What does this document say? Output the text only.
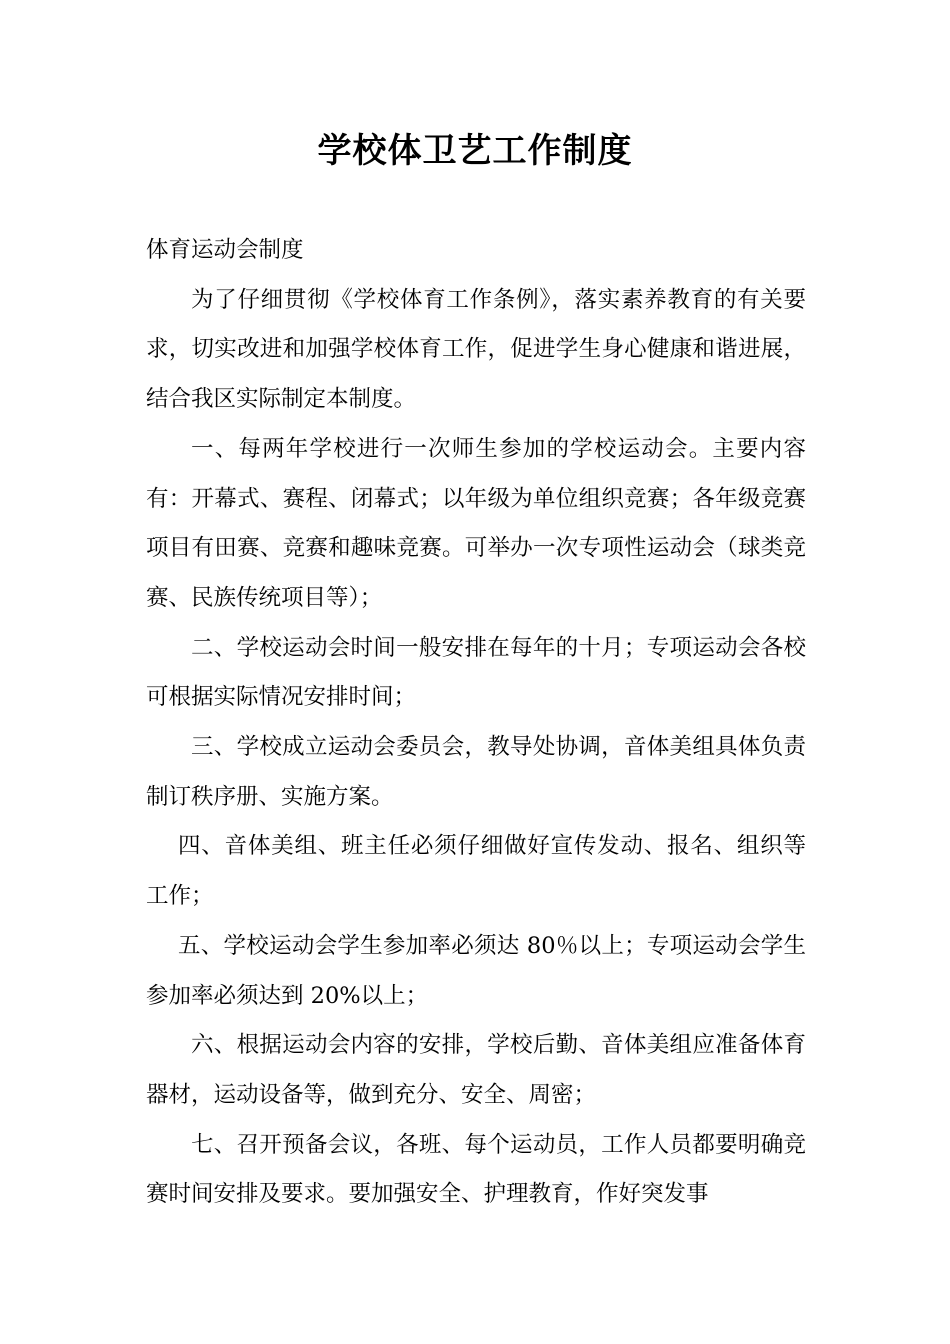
学校体卫艺工作制度

体育运动会制度

为了仔细贯彻《学校体育工作条例》，落实素养教育的有关要求，切实改进和加强学校体育工作，促进学生身心健康和谐进展，结合我区实际制定本制度。

一、每两年学校进行一次师生参加的学校运动会。主要内容有：开幕式、赛程、闭幕式；以年级为单位组织竞赛；各年级竞赛项目有田赛、竞赛和趣味竞赛。可举办一次专项性运动会（球类竞赛、民族传统项目等）；

二、学校运动会时间一般安排在每年的十月；专项运动会各校可根据实际情况安排时间；

三、学校成立运动会委员会，教导处协调，音体美组具体负责制订秩序册、实施方案。

四、音体美组、班主任必须仔细做好宣传发动、报名、组织等工作；

五、学校运动会学生参加率必须达 80％以上；专项运动会学生参加率必须达到 20%以上；

六、根据运动会内容的安排，学校后勤、音体美组应准备体育器材，运动设备等，做到充分、安全、周密；

七、召开预备会议，各班、每个运动员，工作人员都要明确竞赛时间安排及要求。要加强安全、护理教育，作好突发事
